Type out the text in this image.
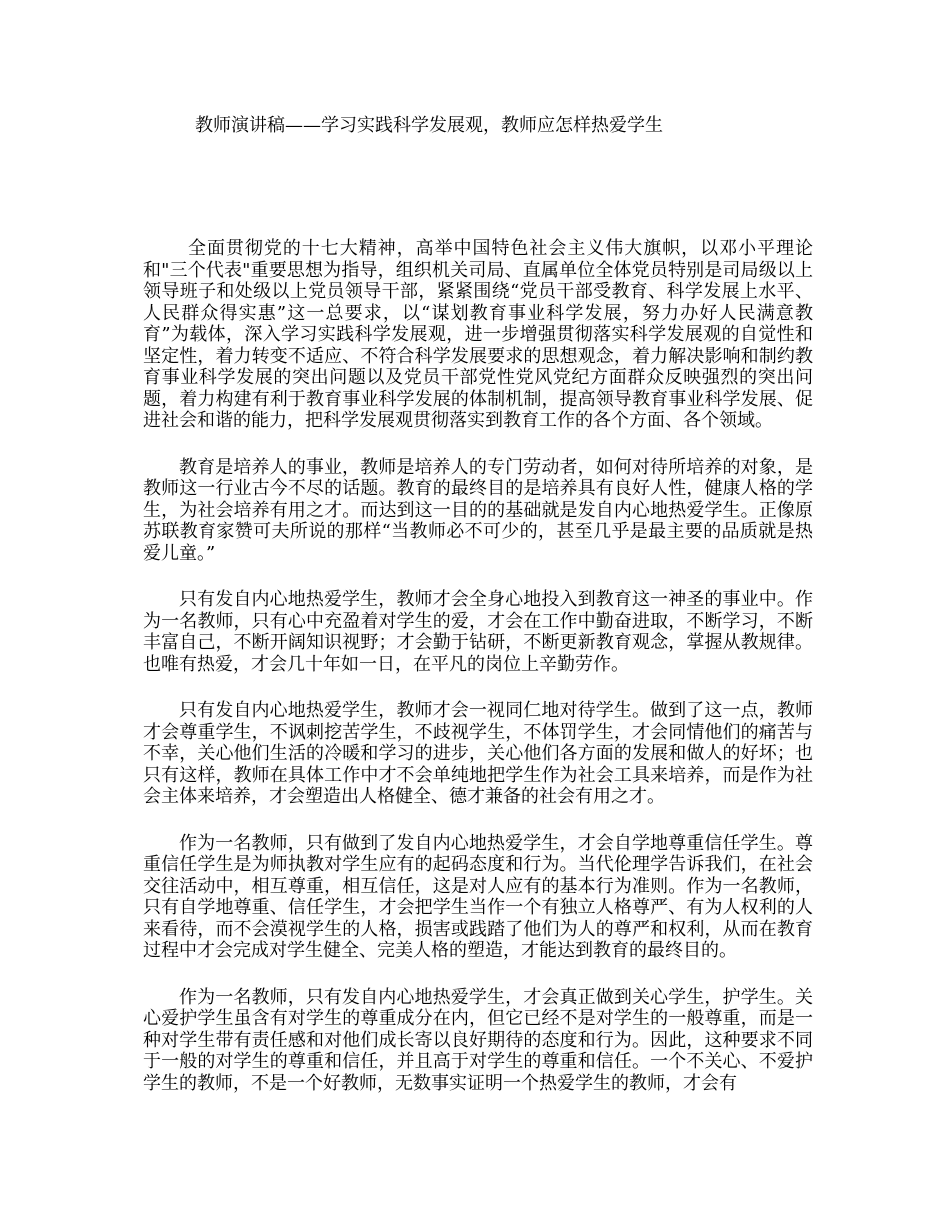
教师演讲稿——学习实践科学发展观，教师应怎样热爱学生

全面贯彻党的十七大精神，高举中国特色社会主义伟大旗帜，以邓小平理论和"三个代表"重要思想为指导，组织机关司局、直属单位全体党员特别是司局级以上领导班子和处级以上党员领导干部，紧紧围绕“党员干部受教育、科学发展上水平、人民群众得实惠”这一总要求，以“谋划教育事业科学发展，努力办好人民满意教育”为载体，深入学习实践科学发展观，进一步增强贯彻落实科学发展观的自觉性和坚定性，着力转变不适应、不符合科学发展要求的思想观念，着力解决影响和制约教育事业科学发展的突出问题以及党员干部党性党风党纪方面群众反映强烈的突出问题，着力构建有利于教育事业科学发展的体制机制，提高领导教育事业科学发展、促进社会和谐的能力，把科学发展观贯彻落实到教育工作的各个方面、各个领域。

教育是培养人的事业，教师是培养人的专门劳动者，如何对待所培养的对象，是教师这一行业古今不尽的话题。教育的最终目的是培养具有良好人性，健康人格的学生，为社会培养有用之才。而达到这一目的的基础就是发自内心地热爱学生。正像原苏联教育家赞可夫所说的那样“当教师必不可少的，甚至几乎是最主要的品质就是热爱儿童。”

只有发自内心地热爱学生，教师才会全身心地投入到教育这一神圣的事业中。作为一名教师，只有心中充盈着对学生的爱，才会在工作中勤奋进取，不断学习，不断丰富自己，不断开阔知识视野；才会勤于钻研，不断更新教育观念，掌握从教规律。也唯有热爱，才会几十年如一日，在平凡的岗位上辛勤劳作。

只有发自内心地热爱学生，教师才会一视同仁地对待学生。做到了这一点，教师才会尊重学生，不讽刺挖苦学生，不歧视学生，不体罚学生，才会同情他们的痛苦与不幸，关心他们生活的冷暖和学习的进步，关心他们各方面的发展和做人的好坏；也只有这样，教师在具体工作中才不会单纯地把学生作为社会工具来培养，而是作为社会主体来培养，才会塑造出人格健全、德才兼备的社会有用之才。

作为一名教师，只有做到了发自内心地热爱学生，才会自学地尊重信任学生。尊重信任学生是为师执教对学生应有的起码态度和行为。当代伦理学告诉我们，在社会交往活动中，相互尊重，相互信任，这是对人应有的基本行为准则。作为一名教师，只有自学地尊重、信任学生，才会把学生当作一个有独立人格尊严、有为人权利的人来看待，而不会漠视学生的人格，损害或践踏了他们为人的尊严和权利，从而在教育过程中才会完成对学生健全、完美人格的塑造，才能达到教育的最终目的。

作为一名教师，只有发自内心地热爱学生，才会真正做到关心学生，护学生。关心爱护学生虽含有对学生的尊重成分在内，但它已经不是对学生的一般尊重，而是一种对学生带有责任感和对他们成长寄以良好期待的态度和行为。因此，这种要求不同于一般的对学生的尊重和信任，并且高于对学生的尊重和信任。一个不关心、不爱护学生的教师，不是一个好教师，无数事实证明一个热爱学生的教师，才会有
